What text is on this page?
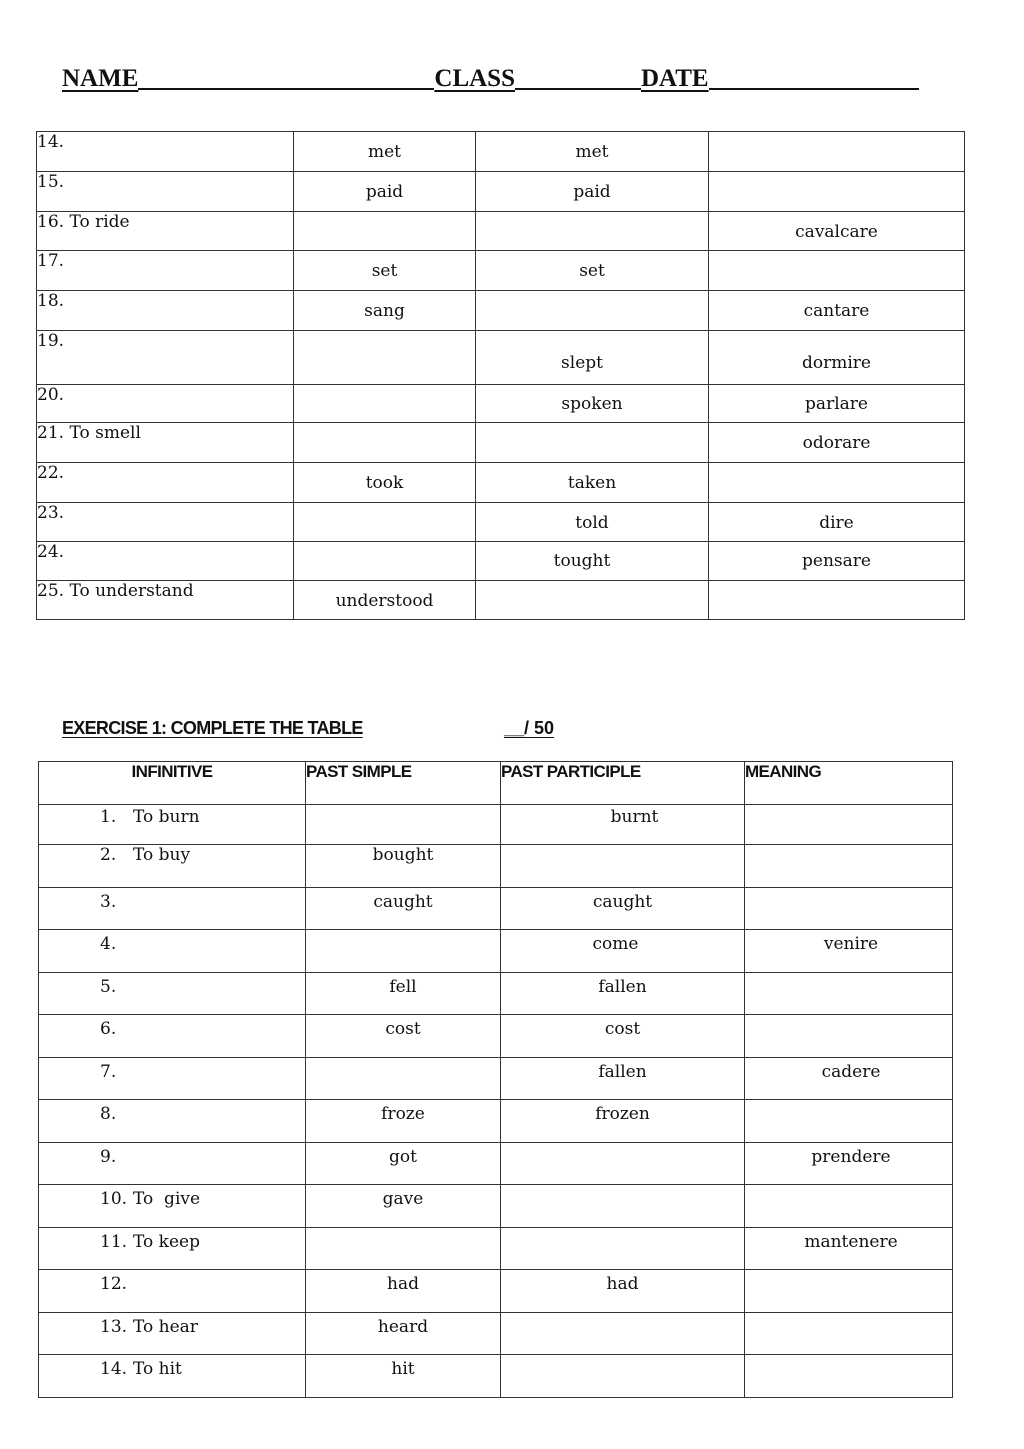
NAME	CLASS	DATE
14.	met	met	

15.	paid	paid	

16. To ride			cavalcare

17.	set	set	

18.	sang		cantare

19.		slept	dormire

20.		spoken	parlare

21. To smell			odorare

22.	took	taken	

23.		told	dire

24.		tought	pensare

25. To understand	understood		

EXERCISE 1: COMPLETE THE TABLE	__/ 50
INFINITIVE	PAST SIMPLE	PAST PARTICIPLE	MEANING

1. To burn		burnt	

2. To buy	bought		

3.	caught	caught	

4.		come	venire

5.	fell	fallen	

6.	cost	cost	

7.		fallen	cadere

8.	froze	frozen	

9.	got		prendere

10. To  give	gave		

11. To keep			mantenere

12.	had	had	

13. To hear	heard		

14. To hit	hit		
